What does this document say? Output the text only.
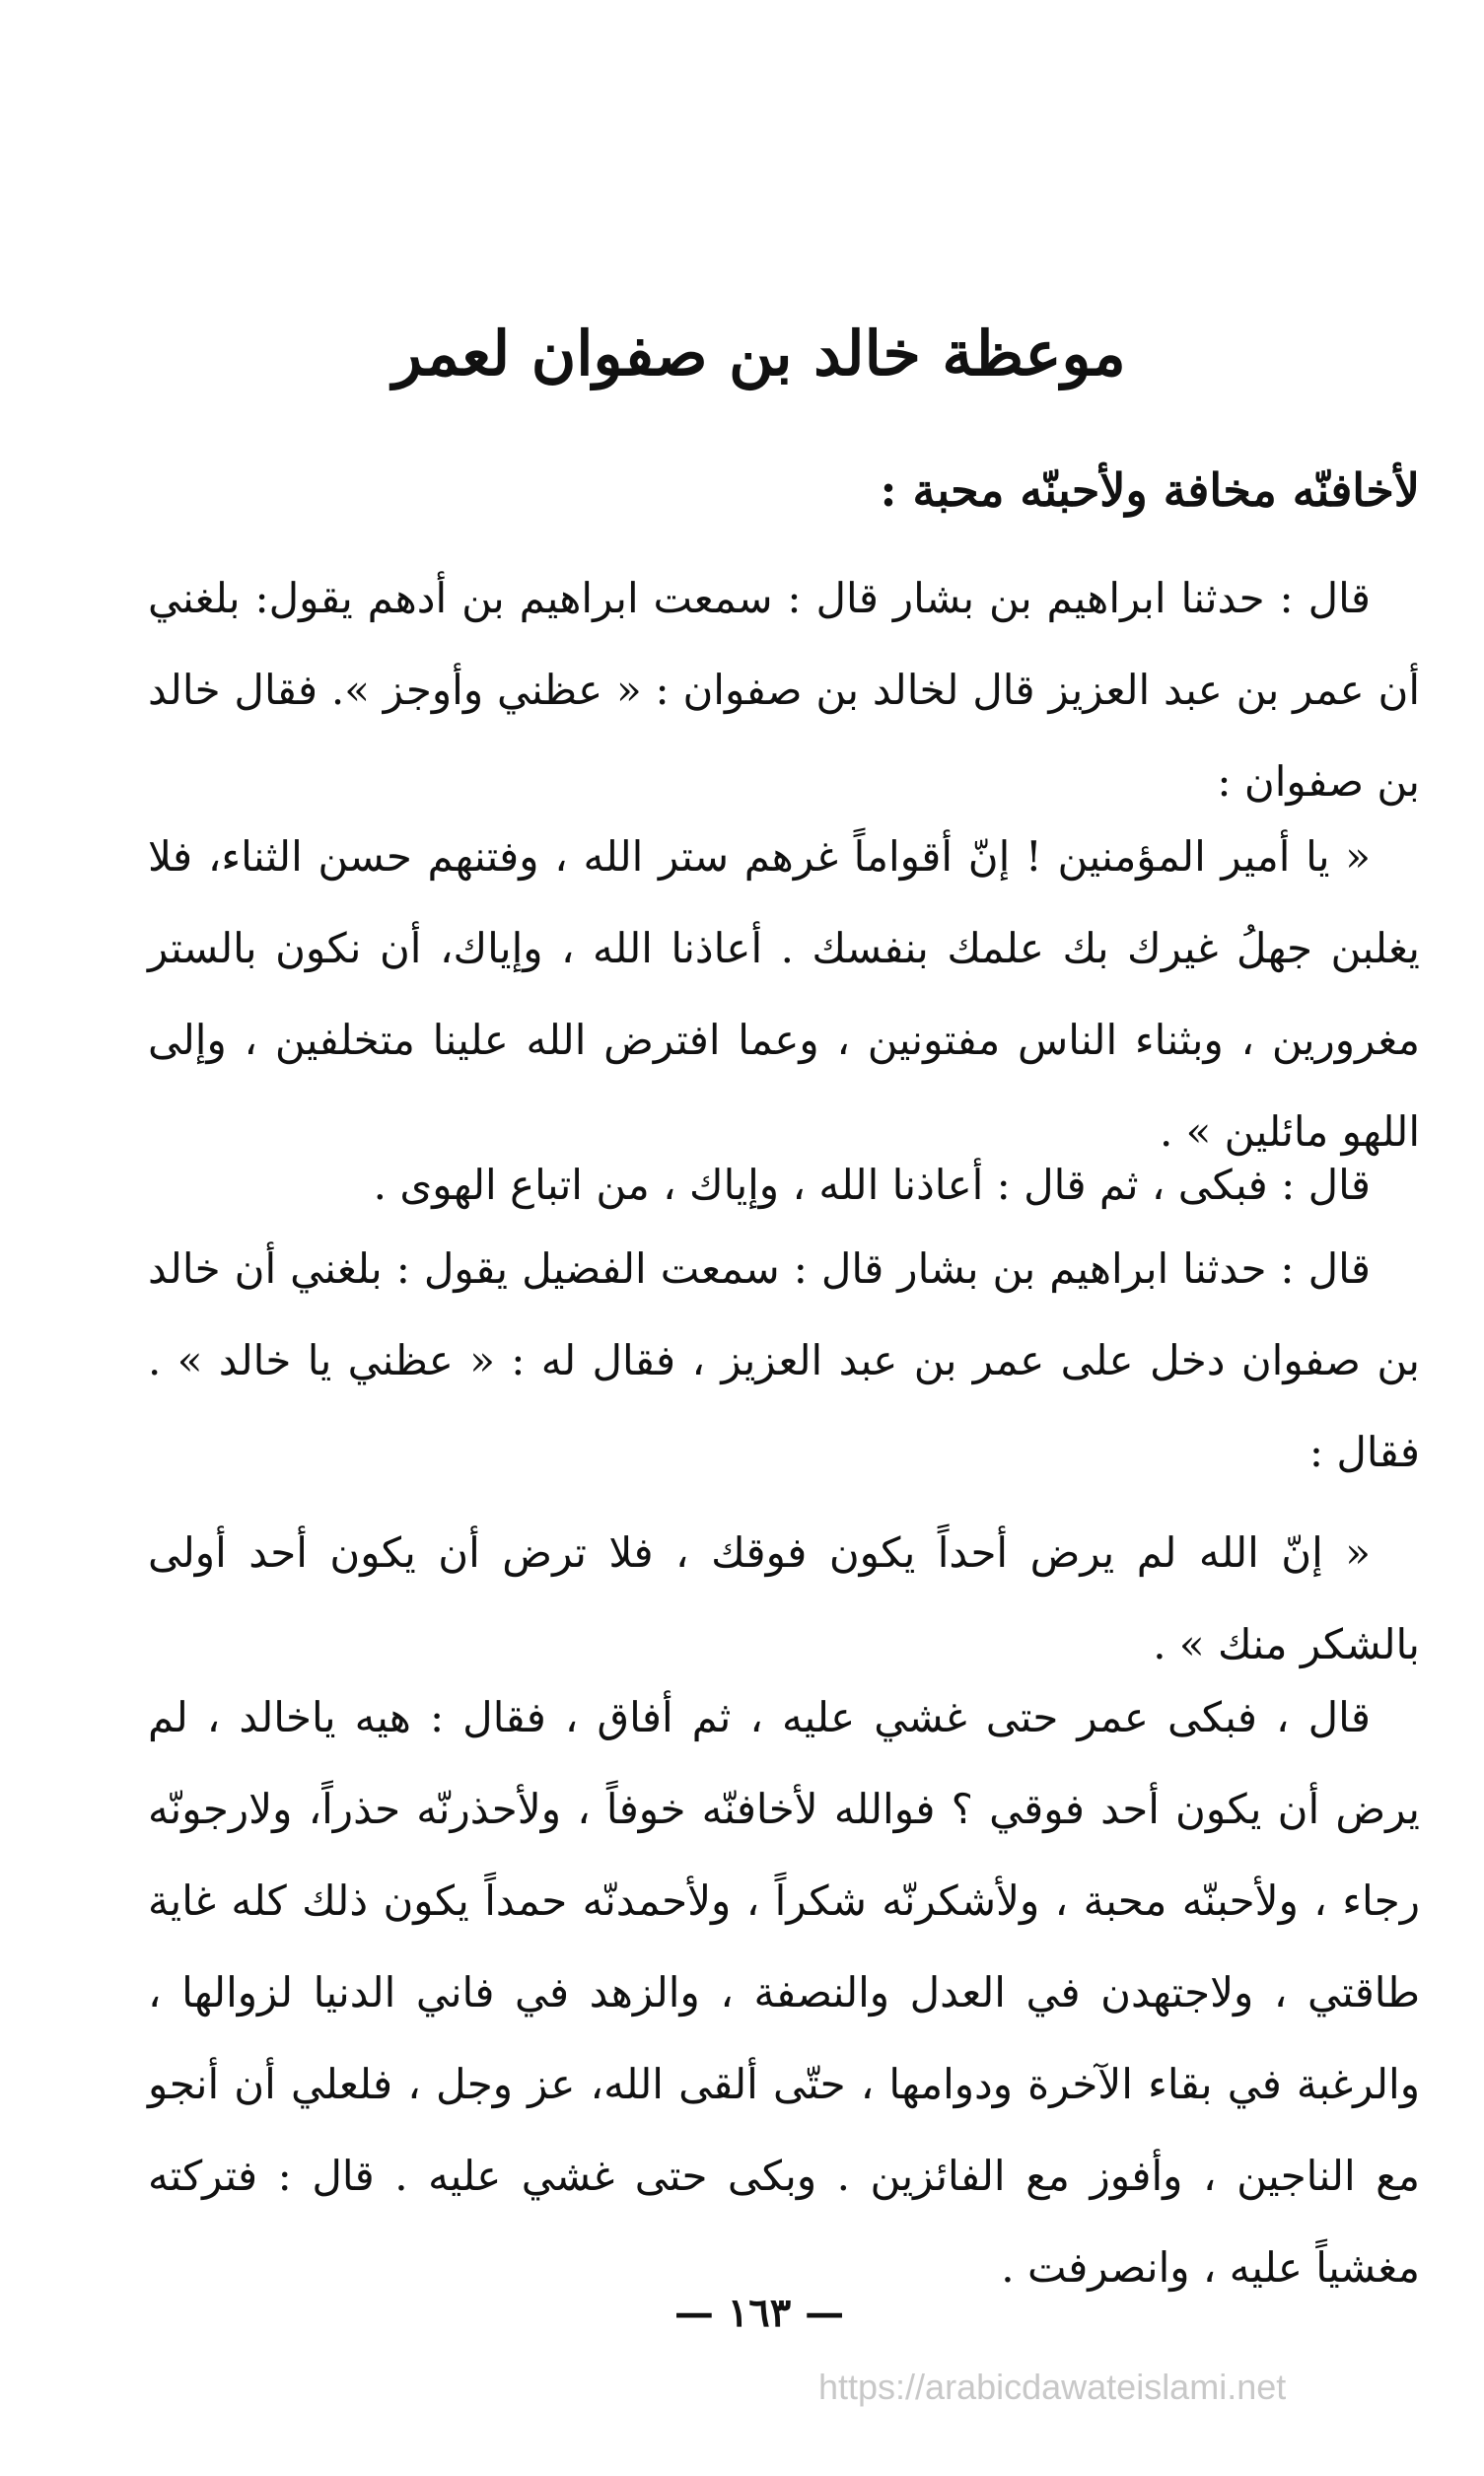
موعظة خالد بن صفوان لعمر
لأخافنّه مخافة ولأحبنّه محبة :
قال : حدثنا ابراهيم بن بشار قال : سمعت ابراهيم بن أدهم يقول: بلغني أن عمر بن عبد العزيز قال لخالد بن صفوان : « عظني وأوجز ». فقال خالد بن صفوان :
« يا أمير المؤمنين ! إنّ أقواماً غرهم ستر الله ، وفتنهم حسن الثناء، فلا يغلبن جهلُ غيرك بك علمك بنفسك . أعاذنا الله ، وإياك، أن نكون بالستر مغرورين ، وبثناء الناس مفتونين ، وعما افترض الله علينا متخلفين ، وإلى اللهو مائلين » .
قال : فبكى ، ثم قال : أعاذنا الله ، وإياك ، من اتباع الهوى .
قال : حدثنا ابراهيم بن بشار قال : سمعت الفضيل يقول : بلغني أن خالد بن صفوان دخل على عمر بن عبد العزيز ، فقال له : « عظني يا خالد » . فقال :
« إنّ الله لم يرض أحداً يكون فوقك ، فلا ترض أن يكون أحد أولى بالشكر منك » .
قال ، فبكى عمر حتى غشي عليه ، ثم أفاق ، فقال : هيه ياخالد ، لم يرض أن يكون أحد فوقي ؟ فوالله لأخافنّه خوفاً ، ولأحذرنّه حذراً، ولارجونّه رجاء ، ولأحبنّه محبة ، ولأشكرنّه شكراً ، ولأحمدنّه حمداً يكون ذلك كله غاية طاقتي ، ولاجتهدن في العدل والنصفة ، والزهد في فاني الدنيا لزوالها ، والرغبة في بقاء الآخرة ودوامها ، حتّى ألقى الله، عز وجل ، فلعلي أن أنجو مع الناجين ، وأفوز مع الفائزين . وبكى حتى غشي عليه . قال : فتركته مغشياً عليه ، وانصرفت .
— ١٦٣ —
https://arabicdawateislami.net
